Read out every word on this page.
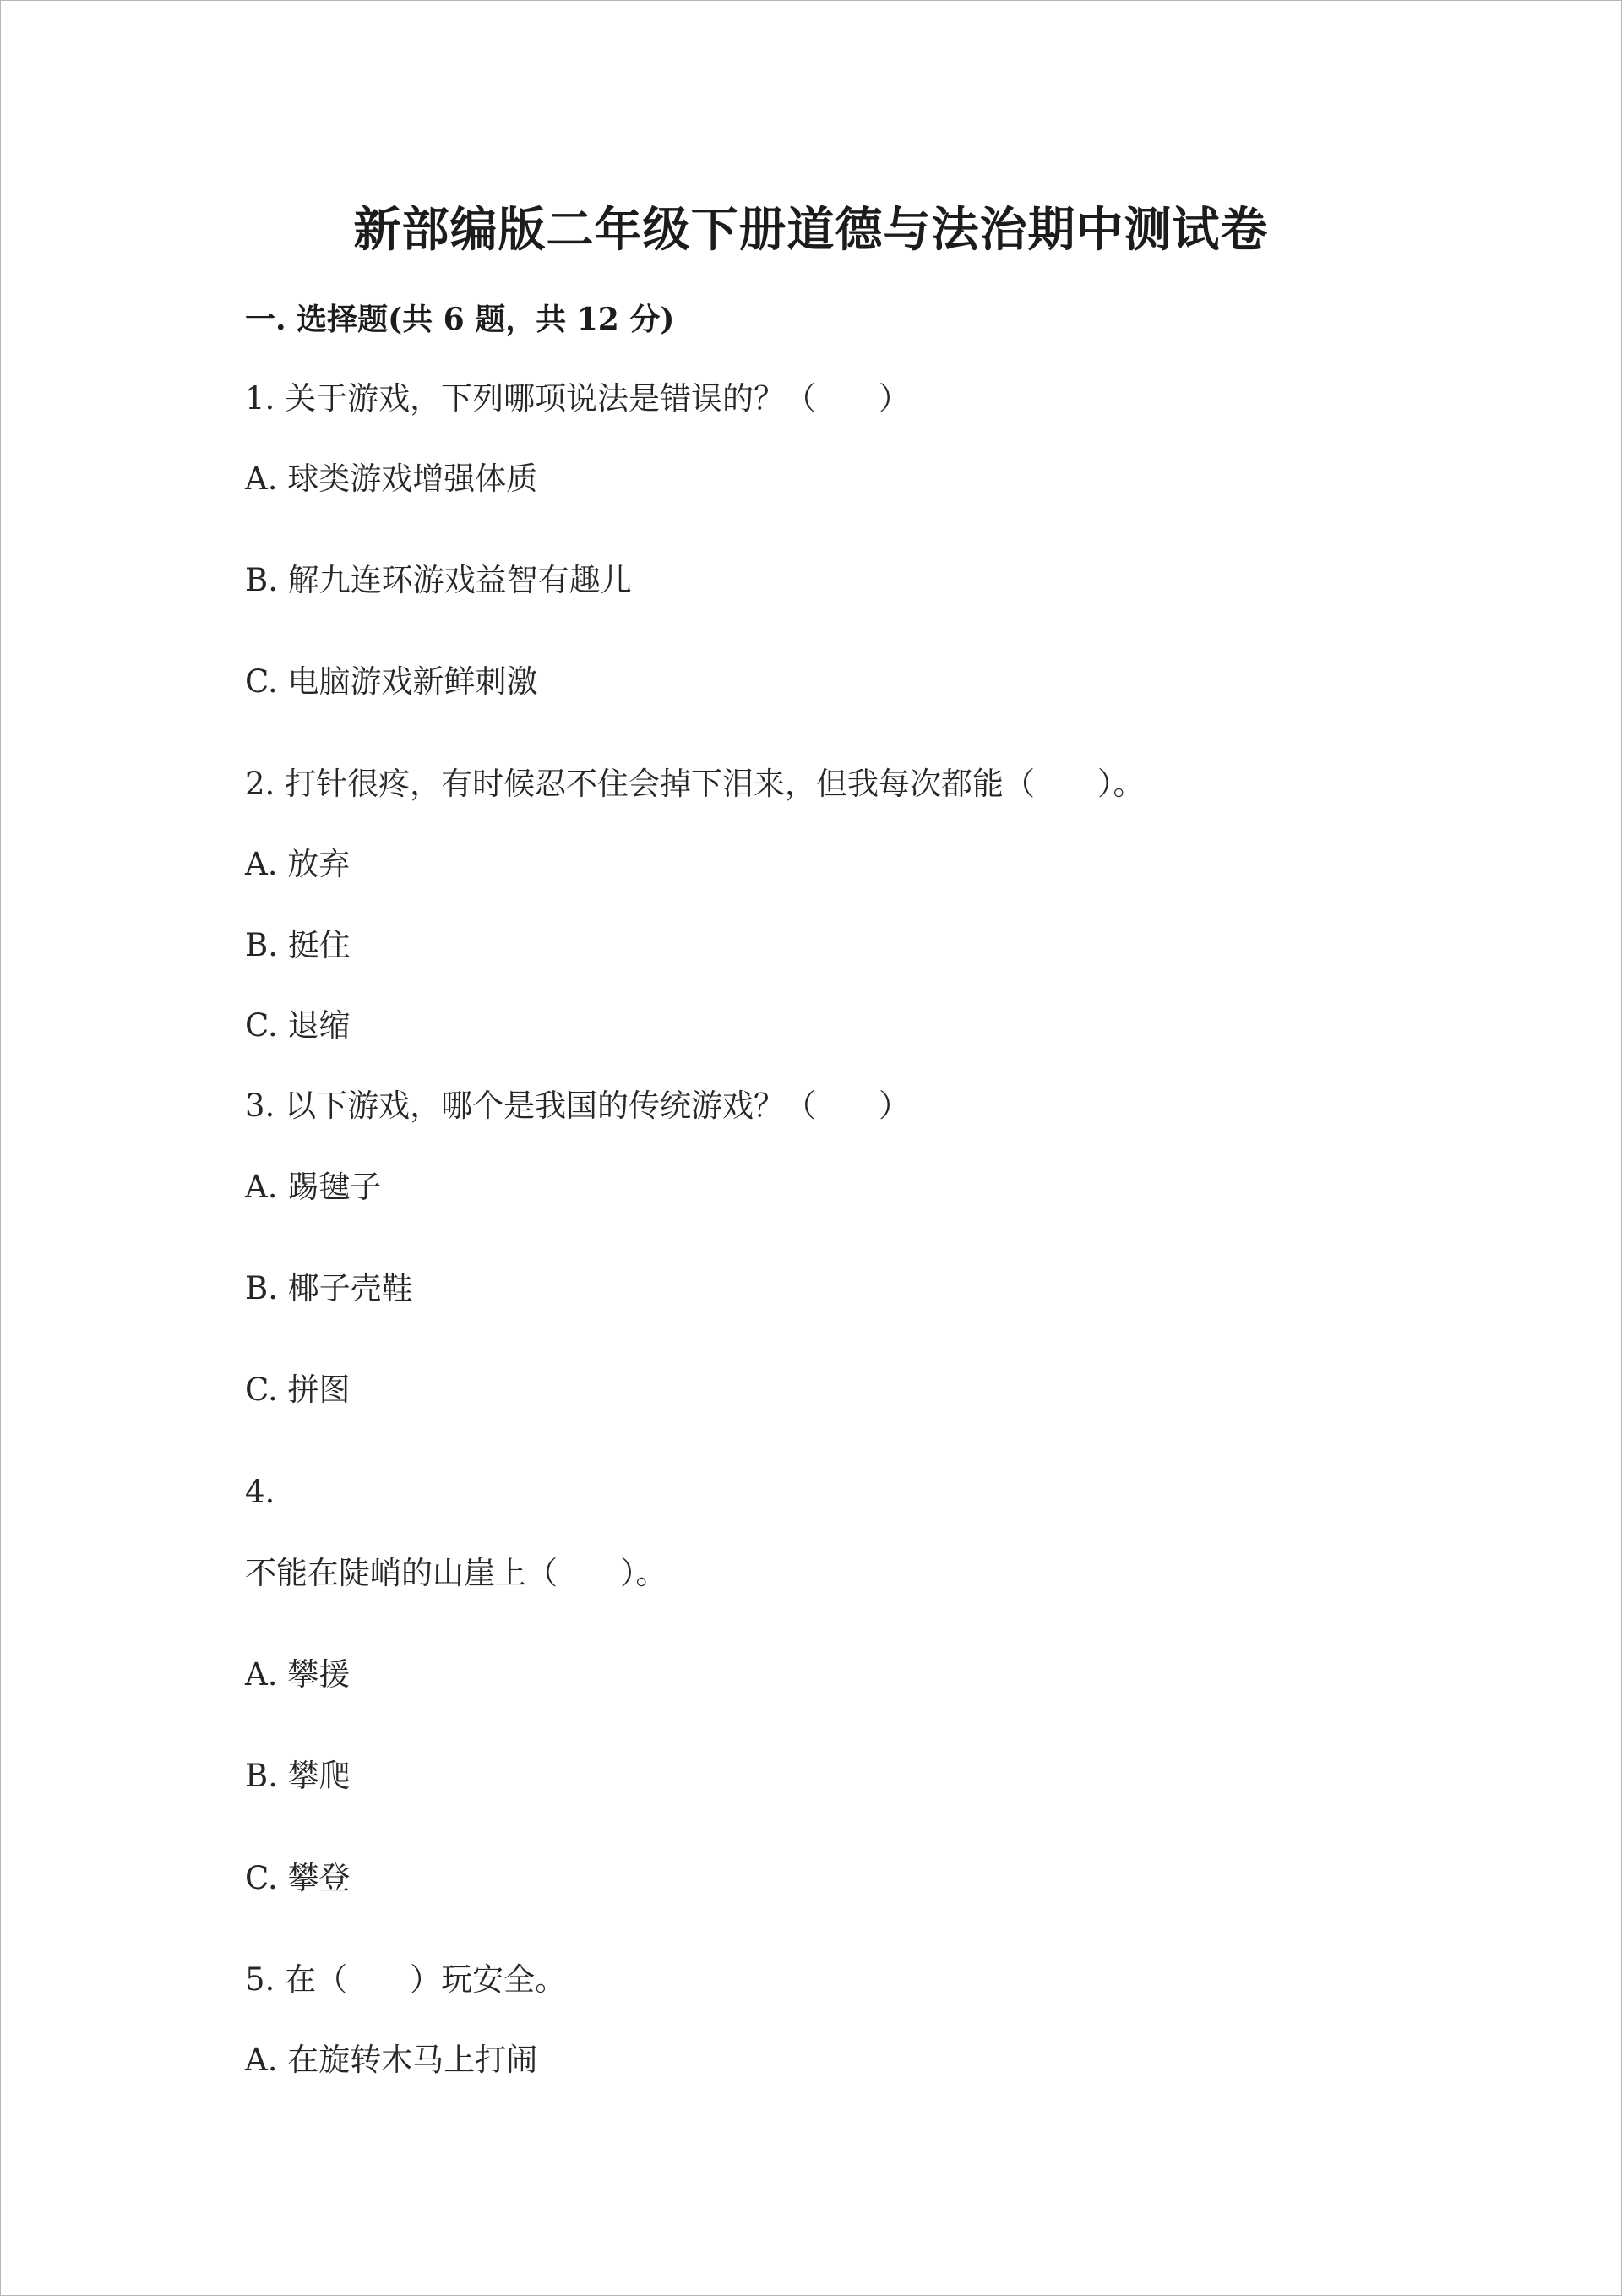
新部编版二年级下册道德与法治期中测试卷
一. 选择题(共 6 题，共 12 分)
1. 关于游戏，下列哪项说法是错误的？（　　）
A. 球类游戏增强体质
B. 解九连环游戏益智有趣儿
C. 电脑游戏新鲜刺激
2. 打针很疼，有时候忍不住会掉下泪来，但我每次都能（　　）。
A. 放弃
B. 挺住
C. 退缩
3. 以下游戏，哪个是我国的传统游戏？（　　）
A. 踢毽子
B. 椰子壳鞋
C. 拼图
4.
不能在陡峭的山崖上（　　）。
A. 攀援
B. 攀爬
C. 攀登
5. 在（　　）玩安全。
A. 在旋转木马上打闹
